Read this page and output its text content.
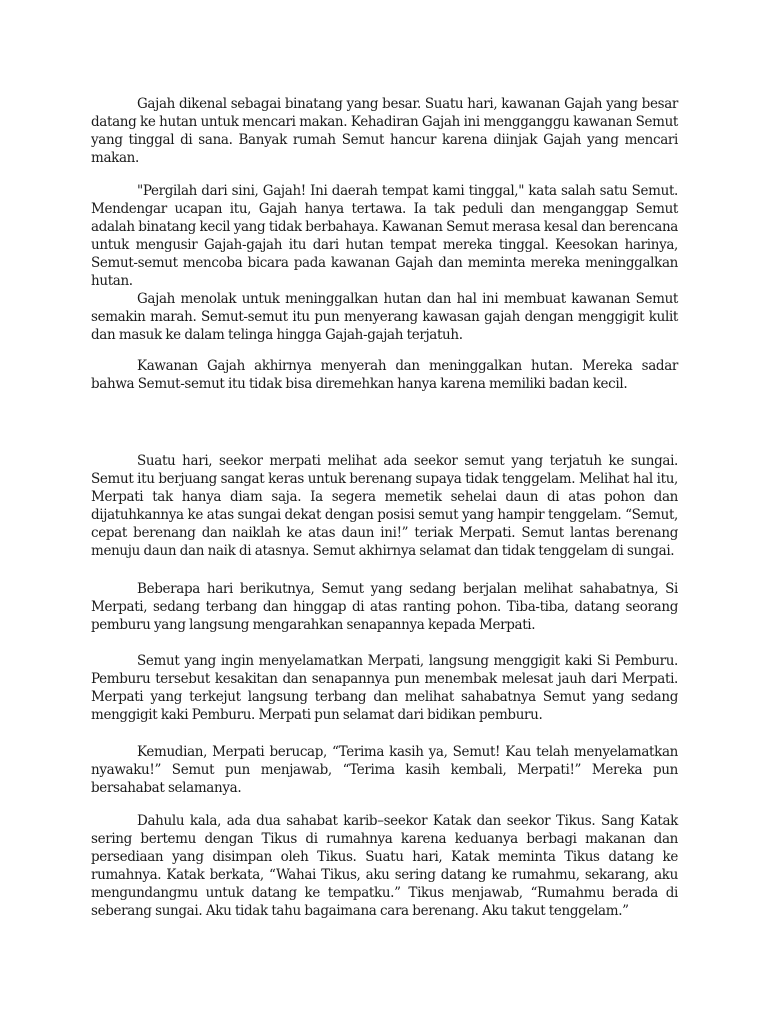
Gajah dikenal sebagai binatang yang besar. Suatu hari, kawanan Gajah yang besar datang ke hutan untuk mencari makan. Kehadiran Gajah ini mengganggu kawanan Semut yang tinggal di sana. Banyak rumah Semut hancur karena diinjak Gajah yang mencari makan.

"Pergilah dari sini, Gajah! Ini daerah tempat kami tinggal," kata salah satu Semut. Mendengar ucapan itu, Gajah hanya tertawa. Ia tak peduli dan menganggap Semut adalah binatang kecil yang tidak berbahaya. Kawanan Semut merasa kesal dan berencana untuk mengusir Gajah-gajah itu dari hutan tempat mereka tinggal. Keesokan harinya, Semut-semut mencoba bicara pada kawanan Gajah dan meminta mereka meninggalkan hutan.

Gajah menolak untuk meninggalkan hutan dan hal ini membuat kawanan Semut semakin marah. Semut-semut itu pun menyerang kawasan gajah dengan menggigit kulit dan masuk ke dalam telinga hingga Gajah-gajah terjatuh.

Kawanan Gajah akhirnya menyerah dan meninggalkan hutan. Mereka sadar bahwa Semut-semut itu tidak bisa diremehkan hanya karena memiliki badan kecil.

Suatu hari, seekor merpati melihat ada seekor semut yang terjatuh ke sungai. Semut itu berjuang sangat keras untuk berenang supaya tidak tenggelam. Melihat hal itu, Merpati tak hanya diam saja. Ia segera memetik sehelai daun di atas pohon dan dijatuhkannya ke atas sungai dekat dengan posisi semut yang hampir tenggelam. “Semut, cepat berenang dan naiklah ke atas daun ini!” teriak Merpati. Semut lantas berenang menuju daun dan naik di atasnya. Semut akhirnya selamat dan tidak tenggelam di sungai.

Beberapa hari berikutnya, Semut yang sedang berjalan melihat sahabatnya, Si Merpati, sedang terbang dan hinggap di atas ranting pohon. Tiba-tiba, datang seorang pemburu yang langsung mengarahkan senapannya kepada Merpati.

Semut yang ingin menyelamatkan Merpati, langsung menggigit kaki Si Pemburu. Pemburu tersebut kesakitan dan senapannya pun menembak melesat jauh dari Merpati. Merpati yang terkejut langsung terbang dan melihat sahabatnya Semut yang sedang menggigit kaki Pemburu. Merpati pun selamat dari bidikan pemburu.

Kemudian, Merpati berucap, “Terima kasih ya, Semut! Kau telah menyelamatkan nyawaku!” Semut pun menjawab, “Terima kasih kembali, Merpati!” Mereka pun bersahabat selamanya.

Dahulu kala, ada dua sahabat karib–seekor Katak dan seekor Tikus. Sang Katak sering bertemu dengan Tikus di rumahnya karena keduanya berbagi makanan dan persediaan yang disimpan oleh Tikus. Suatu hari, Katak meminta Tikus datang ke rumahnya. Katak berkata, “Wahai Tikus, aku sering datang ke rumahmu, sekarang, aku mengundangmu untuk datang ke tempatku.” Tikus menjawab, “Rumahmu berada di seberang sungai. Aku tidak tahu bagaimana cara berenang. Aku takut tenggelam.”
